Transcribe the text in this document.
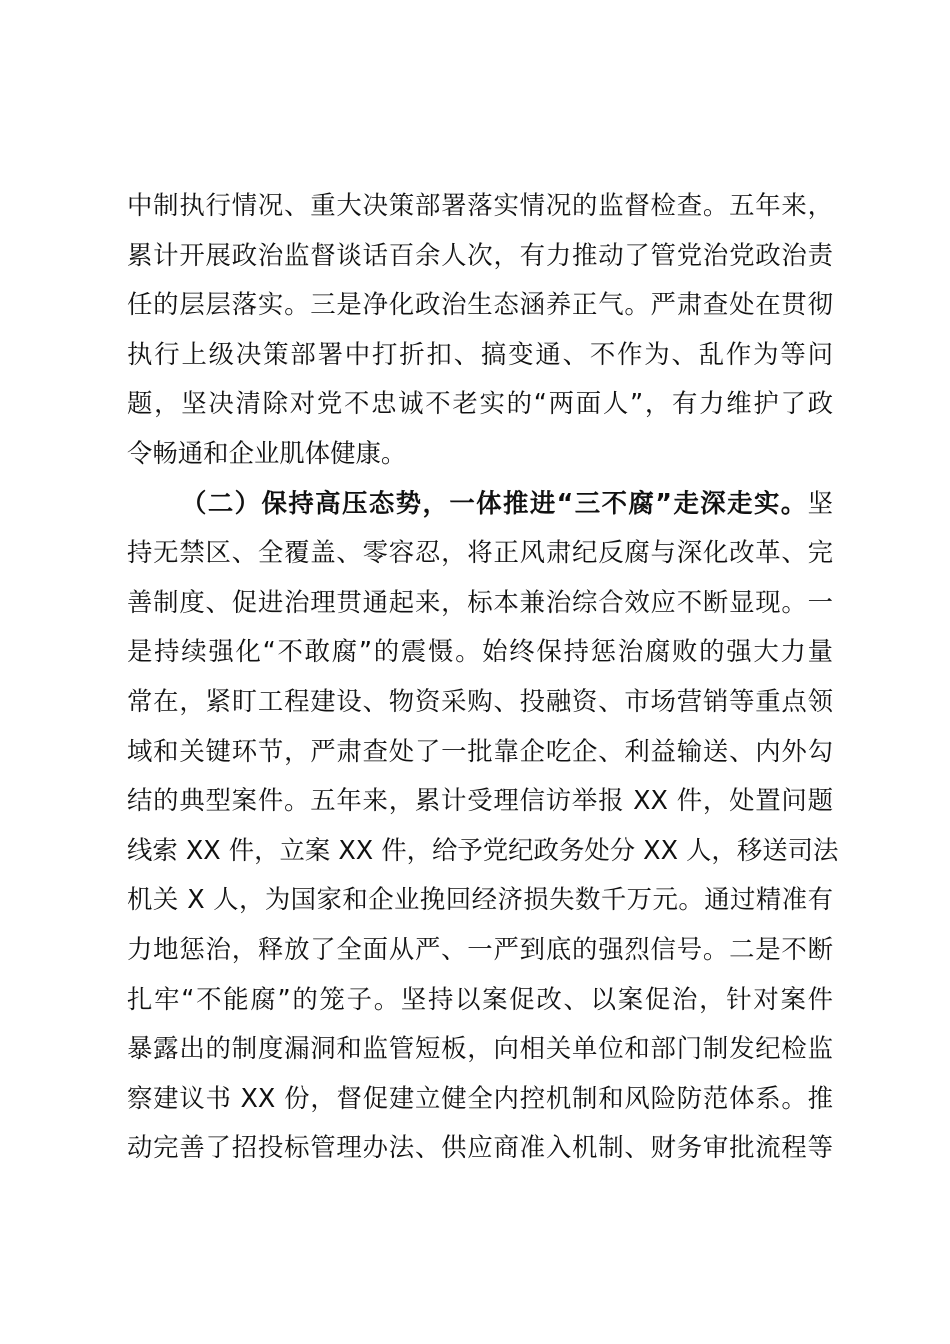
中制执行情况、重大决策部署落实情况的监督检查。五年来，
累计开展政治监督谈话百余人次，有力推动了管党治党政治责
任的层层落实。三是净化政治生态涵养正气。严肃查处在贯彻
执行上级决策部署中打折扣、搞变通、不作为、乱作为等问
题，坚决清除对党不忠诚不老实的“两面人”，有力维护了政
令畅通和企业肌体健康。
（二）保持高压态势，一体推进“三不腐”走深走实。坚
持无禁区、全覆盖、零容忍，将正风肃纪反腐与深化改革、完
善制度、促进治理贯通起来，标本兼治综合效应不断显现。一
是持续强化“不敢腐”的震慑。始终保持惩治腐败的强大力量
常在，紧盯工程建设、物资采购、投融资、市场营销等重点领
域和关键环节，严肃查处了一批靠企吃企、利益输送、内外勾
结的典型案件。五年来，累计受理信访举报 XX 件，处置问题
线索 XX 件，立案 XX 件，给予党纪政务处分 XX 人，移送司法
机关 X 人，为国家和企业挽回经济损失数千万元。通过精准有
力地惩治，释放了全面从严、一严到底的强烈信号。二是不断
扎牢“不能腐”的笼子。坚持以案促改、以案促治，针对案件
暴露出的制度漏洞和监管短板，向相关单位和部门制发纪检监
察建议书 XX 份，督促建立健全内控机制和风险防范体系。推
动完善了招投标管理办法、供应商准入机制、财务审批流程等
